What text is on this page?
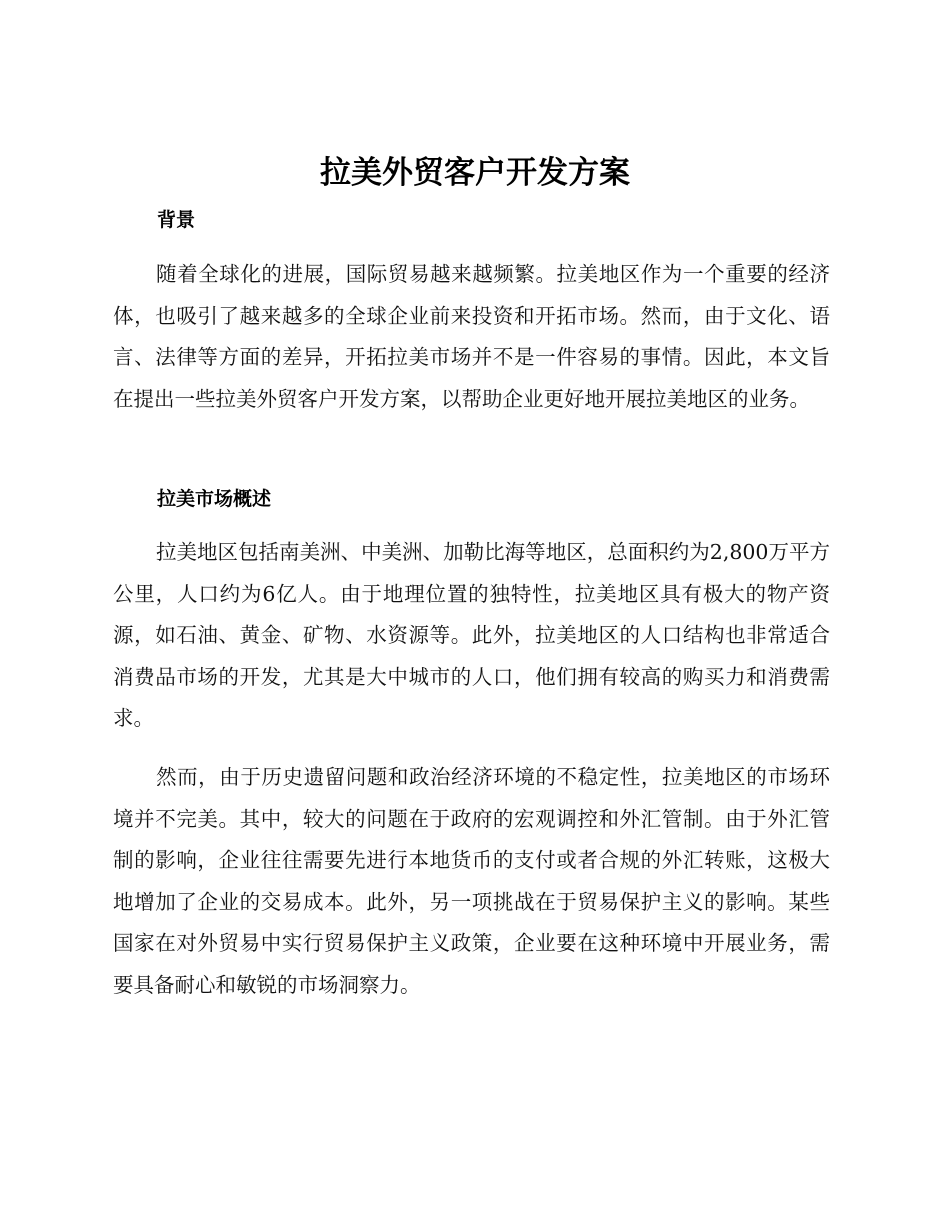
拉美外贸客户开发方案
背景

随着全球化的进展，国际贸易越来越频繁。拉美地区作为一个重要的经济体，也吸引了越来越多的全球企业前来投资和开拓市场。然而，由于文化、语言、法律等方面的差异，开拓拉美市场并不是一件容易的事情。因此，本文旨在提出一些拉美外贸客户开发方案，以帮助企业更好地开展拉美地区的业务。

拉美市场概述

拉美地区包括南美洲、中美洲、加勒比海等地区，总面积约为2,800万平方公里，人口约为6亿人。由于地理位置的独特性，拉美地区具有极大的物产资源，如石油、黄金、矿物、水资源等。此外，拉美地区的人口结构也非常适合消费品市场的开发，尤其是大中城市的人口，他们拥有较高的购买力和消费需求。

然而，由于历史遗留问题和政治经济环境的不稳定性，拉美地区的市场环境并不完美。其中，较大的问题在于政府的宏观调控和外汇管制。由于外汇管制的影响，企业往往需要先进行本地货币的支付或者合规的外汇转账，这极大地增加了企业的交易成本。此外，另一项挑战在于贸易保护主义的影响。某些国家在对外贸易中实行贸易保护主义政策，企业要在这种环境中开展业务，需要具备耐心和敏锐的市场洞察力。
